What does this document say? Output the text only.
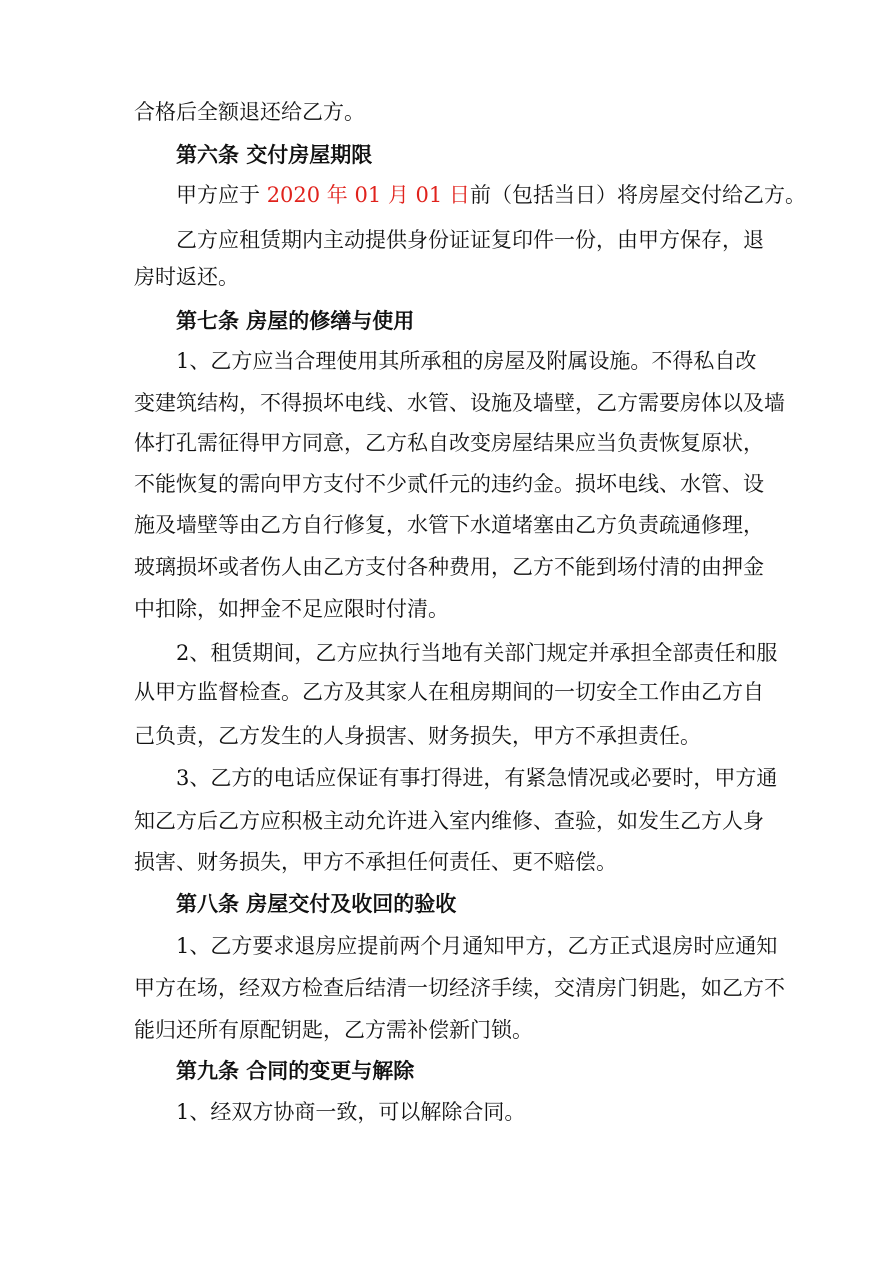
合格后全额退还给乙方。
第六条 交付房屋期限
甲方应于 2020 年 01 月 01 日前（包括当日）将房屋交付给乙方。
乙方应租赁期内主动提供身份证证复印件一份，由甲方保存，退
房时返还。
第七条 房屋的修缮与使用
1、乙方应当合理使用其所承租的房屋及附属设施。不得私自改
变建筑结构，不得损坏电线、水管、设施及墙壁，乙方需要房体以及墙
体打孔需征得甲方同意，乙方私自改变房屋结果应当负责恢复原状，
不能恢复的需向甲方支付不少贰仟元的违约金。损坏电线、水管、设
施及墙壁等由乙方自行修复，水管下水道堵塞由乙方负责疏通修理，
玻璃损坏或者伤人由乙方支付各种费用，乙方不能到场付清的由押金
中扣除，如押金不足应限时付清。
2、租赁期间，乙方应执行当地有关部门规定并承担全部责任和服
从甲方监督检查。乙方及其家人在租房期间的一切安全工作由乙方自
己负责，乙方发生的人身损害、财务损失，甲方不承担责任。
3、乙方的电话应保证有事打得进，有紧急情况或必要时，甲方通
知乙方后乙方应积极主动允许进入室内维修、查验，如发生乙方人身
损害、财务损失，甲方不承担任何责任、更不赔偿。
第八条 房屋交付及收回的验收
1、乙方要求退房应提前两个月通知甲方，乙方正式退房时应通知
甲方在场，经双方检查后结清一切经济手续，交清房门钥匙，如乙方不
能归还所有原配钥匙，乙方需补偿新门锁。
第九条 合同的变更与解除
1、经双方协商一致，可以解除合同。
